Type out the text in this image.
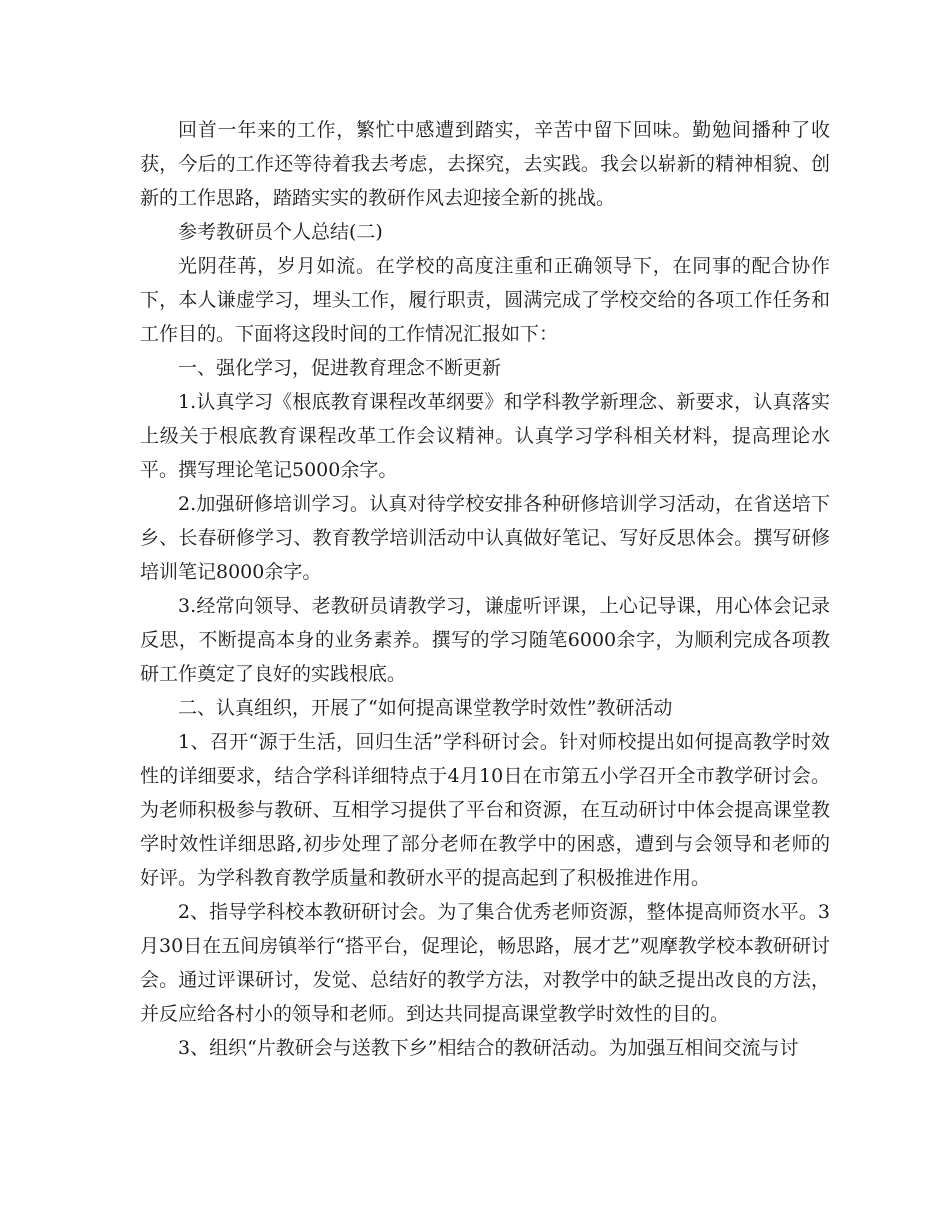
回首一年来的工作，繁忙中感遭到踏实，辛苦中留下回味。勤勉间播种了收获，今后的工作还等待着我去考虑，去探究，去实践。我会以崭新的精神相貌、创新的工作思路，踏踏实实的教研作风去迎接全新的挑战。

参考教研员个人总结(二)

光阴荏苒，岁月如流。在学校的高度注重和正确领导下，在同事的配合协作下，本人谦虚学习，埋头工作，履行职责，圆满完成了学校交给的各项工作任务和工作目的。下面将这段时间的工作情况汇报如下：

一、强化学习，促进教育理念不断更新

1.认真学习《根底教育课程改革纲要》和学科教学新理念、新要求，认真落实上级关于根底教育课程改革工作会议精神。认真学习学科相关材料，提高理论水平。撰写理论笔记5000余字。

2.加强研修培训学习。认真对待学校安排各种研修培训学习活动，在省送培下乡、长春研修学习、教育教学培训活动中认真做好笔记、写好反思体会。撰写研修培训笔记8000余字。

3.经常向领导、老教研员请教学习，谦虚听评课，上心记导课，用心体会记录反思，不断提高本身的业务素养。撰写的学习随笔6000余字，为顺利完成各项教研工作奠定了良好的实践根底。

二、认真组织，开展了“如何提高课堂教学时效性”教研活动

1、召开“源于生活，回归生活”学科研讨会。针对师校提出如何提高教学时效性的详细要求，结合学科详细特点于4月10日在市第五小学召开全市教学研讨会。为老师积极参与教研、互相学习提供了平台和资源，在互动研讨中体会提高课堂教学时效性详细思路,初步处理了部分老师在教学中的困惑，遭到与会领导和老师的好评。为学科教育教学质量和教研水平的提高起到了积极推进作用。

2、指导学科校本教研研讨会。为了集合优秀老师资源，整体提高师资水平。3月30日在五间房镇举行“搭平台，促理论，畅思路，展才艺”观摩教学校本教研研讨会。通过评课研讨，发觉、总结好的教学方法，对教学中的缺乏提出改良的方法，并反应给各村小的领导和老师。到达共同提高课堂教学时效性的目的。

3、组织“片教研会与送教下乡”相结合的教研活动。为加强互相间交流与讨
